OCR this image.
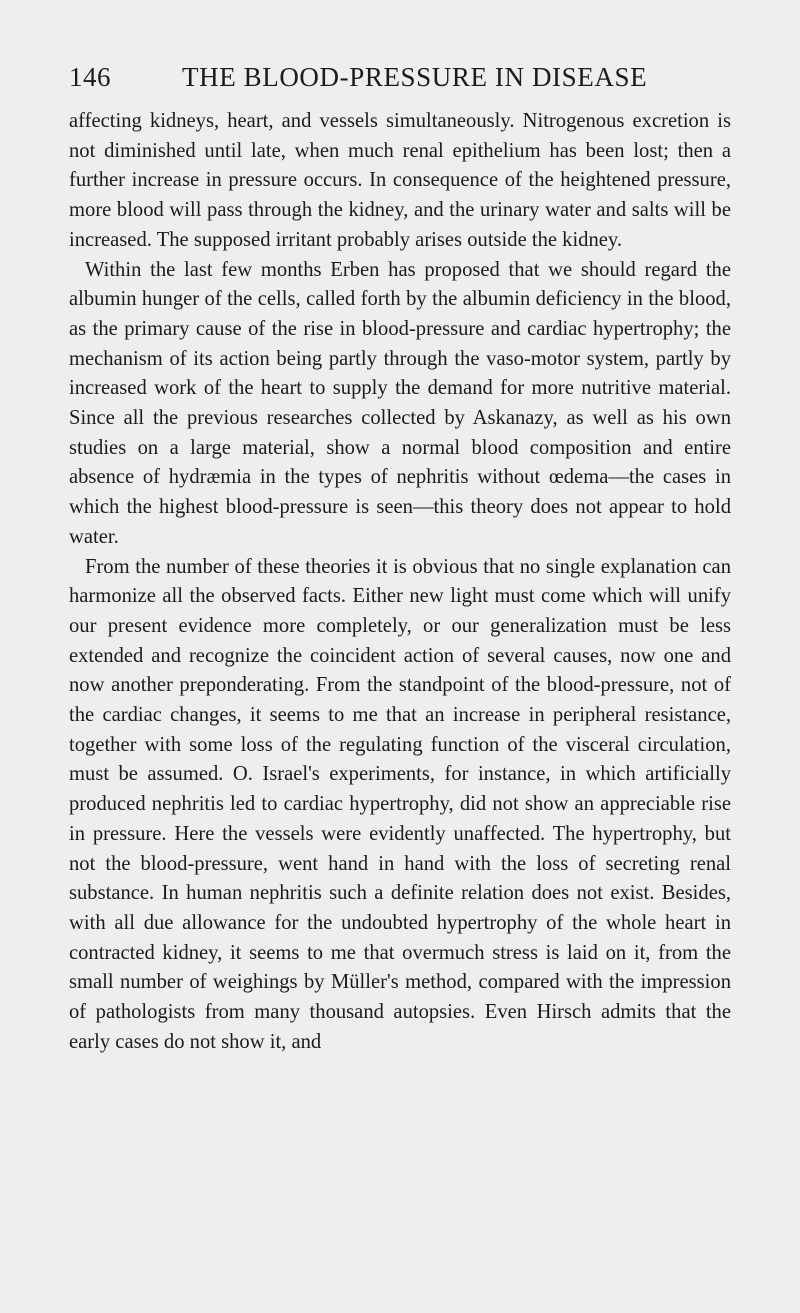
146	THE BLOOD-PRESSURE IN DISEASE

affecting kidneys, heart, and vessels simultaneously. Nitrogenous excretion is not diminished until late, when much renal epithelium has been lost; then a further increase in pressure occurs. In consequence of the heightened pressure, more blood will pass through the kidney, and the urinary water and salts will be increased. The supposed irritant probably arises outside the kidney.

Within the last few months Erben has proposed that we should regard the albumin hunger of the cells, called forth by the albumin deficiency in the blood, as the primary cause of the rise in blood-pressure and cardiac hypertrophy; the mechanism of its action being partly through the vaso-motor system, partly by increased work of the heart to supply the demand for more nutritive material. Since all the previous researches collected by Askanazy, as well as his own studies on a large material, show a normal blood composition and entire absence of hydræmia in the types of nephritis without œdema—the cases in which the highest blood-pressure is seen—this theory does not appear to hold water.

From the number of these theories it is obvious that no single explanation can harmonize all the observed facts. Either new light must come which will unify our present evidence more completely, or our generalization must be less extended and recognize the coincident action of several causes, now one and now another preponderating. From the standpoint of the blood-pressure, not of the cardiac changes, it seems to me that an increase in peripheral resistance, together with some loss of the regulating function of the visceral circulation, must be assumed. O. Israel's experiments, for instance, in which artificially produced nephritis led to cardiac hypertrophy, did not show an appreciable rise in pressure. Here the vessels were evidently unaffected. The hypertrophy, but not the blood-pressure, went hand in hand with the loss of secreting renal substance. In human nephritis such a definite relation does not exist. Besides, with all due allowance for the undoubted hypertrophy of the whole heart in contracted kidney, it seems to me that overmuch stress is laid on it, from the small number of weighings by Müller's method, compared with the impression of pathologists from many thousand autopsies. Even Hirsch admits that the early cases do not show it, and
